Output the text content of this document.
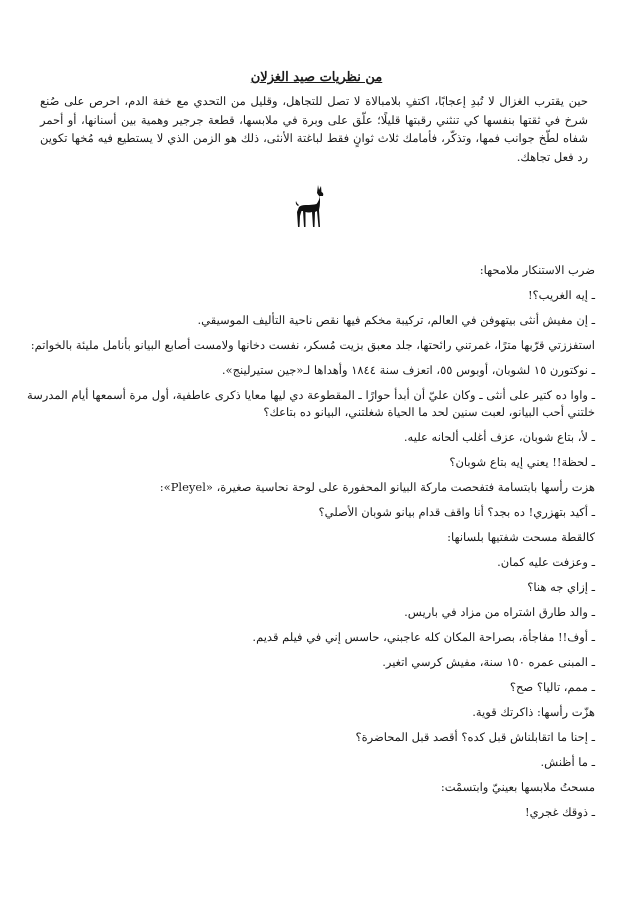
من نظريات صيد الغزلان

حين يقترب الغزال لا تُبدِ إعجابًا، اكتفِ بلامبالاة لا تصل للتجاهل، وقليل من التحدي مع خفة الدم، احرص على صُنع شرخ في ثقتها بنفسها كي تنثني رقبتها قليلًا؛ علّق على وبرة في ملابسها، قطعة جرجير وهمية بين أسنانها، أو أحمر شفاه لطّخ جوانب فمها، وتذكّر، فأمامك ثلاث ثوانٍ فقط لباغتة الأنثى، ذلك هو الزمن الذي لا يستطيع فيه مُخها تكوين رد فعل تجاهك.

ضرب الاستنكار ملامحها:

ـ إيه الغريب؟!

ـ إن مفيش أنثى بيتهوفن في العالم، تركيبة مخكم فيها نقص ناحية التأليف الموسيقي.

استفززتي قرّبها مترًا، غمرتني رائحتها، جلد معبق بزيت مُسكر، نفست دخانها ولامست أصابع البيانو بأنامل مليئة بالخواتم:

ـ نوكتورن ١٥ لشوبان، أوبوس ٥٥، اتعزف سنة ١٨٤٤ وأهداها لـ«جين ستيرلينج».

ـ واوا ده كتير على أنثى ـ وكان عليّ أن أبدأ حوارًا ـ المقطوعة دي ليها معايا ذكرى عاطفية، أول مرة أسمعها أيام المدرسة خلتني أحب البيانو، لعبت سنين لحد ما الحياة شغلتني، البيانو ده بتاعك؟

ـ لأ، بتاع شوبان، عزف أغلب ألحانه عليه.

ـ لحظة!! يعني إيه بتاع شوبان؟

هزت رأسها بابتسامة فتفحصت ماركة البيانو المحفورة على لوحة نحاسية صغيرة، «Pleyel»:

ـ أكيد بتهزري! ده بجد؟ أنا واقف قدام بيانو شوبان الأصلي؟

كالقطة مسحت شفتيها بلسانها:

ـ وعزفت عليه كمان.

ـ إزاي جه هنا؟

ـ والد طارق اشتراه من مزاد في باريس.

ـ أوف!! مفاجأة، بصراحة المكان كله عاجبني، حاسس إني في فيلم قديم.

ـ المبنى عمره ١٥٠ سنة، مفيش كرسي اتغير.

ـ ممم، تاليا؟ صح؟

هزّت رأسها: ذاكرتك قوية.

ـ إحنا ما اتقابلناش قبل كده؟ أقصد قبل المحاضرة؟

ـ ما أظنش.

مسحتُ ملابسها بعينيّ وابتسمْت:

ـ ذوقك غجري!
